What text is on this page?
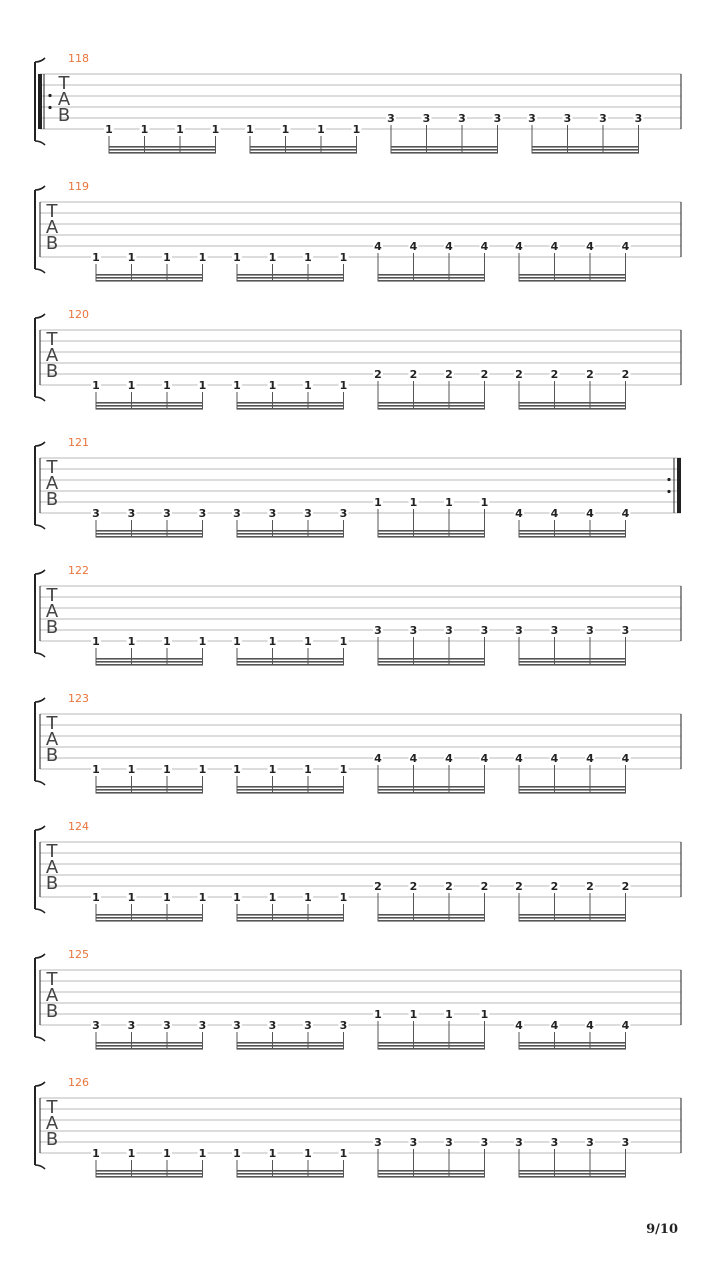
118
T
A
B
1	1	1	1 1	1	1	1
3	3	3	3 3	3	3	3
119
T
A
B
1	1	1	1 1	1	1	1
4	4	4	4 4	4	4	4
120
T
A
B
1	1	1	1 1	1	1	1
2	2	2	2 2	2	2	2
121
T
A
B
3	3	3	3 3	3	3	3
1	1	1	1
4	4	4	4
122
T
A
B
1	1	1	1 1	1	1	1
3	3	3	3 3	3	3	3
123
T
A
B
1	1	1	1 1	1	1	1
4	4	4	4 4	4	4	4
124
T
A
B
1	1	1	1 1	1	1	1
2	2	2	2 2	2	2	2
125
T
A
B
3	3	3	3 3	3	3	3
1	1	1	1
4	4	4	4
126
T
A
B
1	1	1	1 1	1	1	1
3	3	3	3 3	3	3	3
9/10
